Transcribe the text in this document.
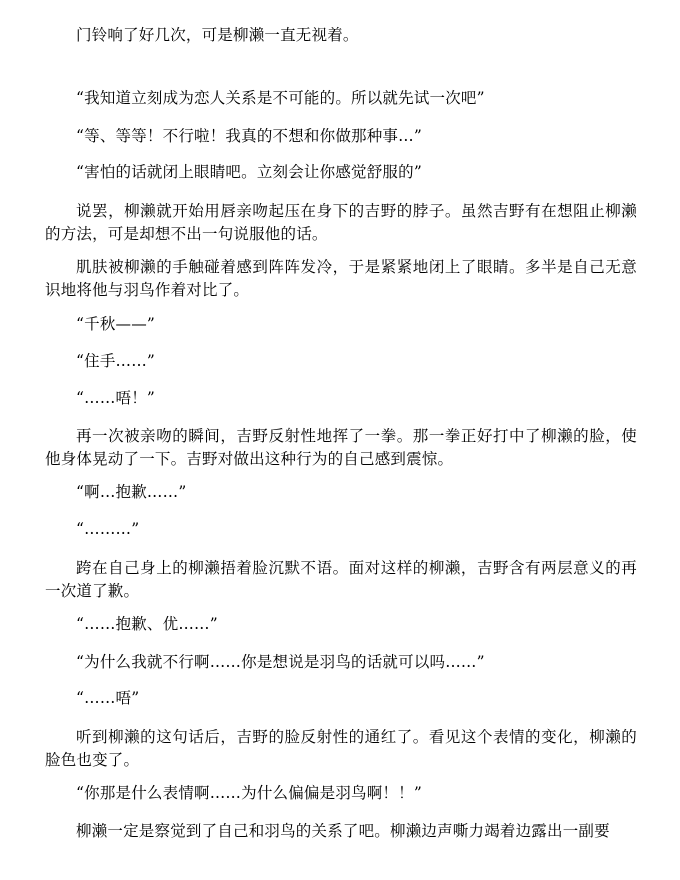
门铃响了好几次，可是柳濑一直无视着。

“我知道立刻成为恋人关系是不可能的。所以就先试一次吧”

“等、等等！不行啦！我真的不想和你做那种事…”

“害怕的话就闭上眼睛吧。立刻会让你感觉舒服的”

说罢，柳濑就开始用唇亲吻起压在身下的吉野的脖子。虽然吉野有在想阻止柳濑的方法，可是却想不出一句说服他的话。

肌肤被柳濑的手触碰着感到阵阵发冷，于是紧紧地闭上了眼睛。多半是自己无意识地将他与羽鸟作着对比了。

“千秋——”

“住手……”

“……唔！”

再一次被亲吻的瞬间，吉野反射性地挥了一拳。那一拳正好打中了柳濑的脸，使他身体晃动了一下。吉野对做出这种行为的自己感到震惊。

“啊…抱歉……”

“………”

跨在自己身上的柳濑捂着脸沉默不语。面对这样的柳濑，吉野含有两层意义的再一次道了歉。

“……抱歉、优……”

“为什么我就不行啊……你是想说是羽鸟的话就可以吗……”

“……唔”

听到柳濑的这句话后，吉野的脸反射性的通红了。看见这个表情的变化，柳濑的脸色也变了。

“你那是什么表情啊……为什么偏偏是羽鸟啊！！”

柳濑一定是察觉到了自己和羽鸟的关系了吧。柳濑边声嘶力竭着边露出一副要
